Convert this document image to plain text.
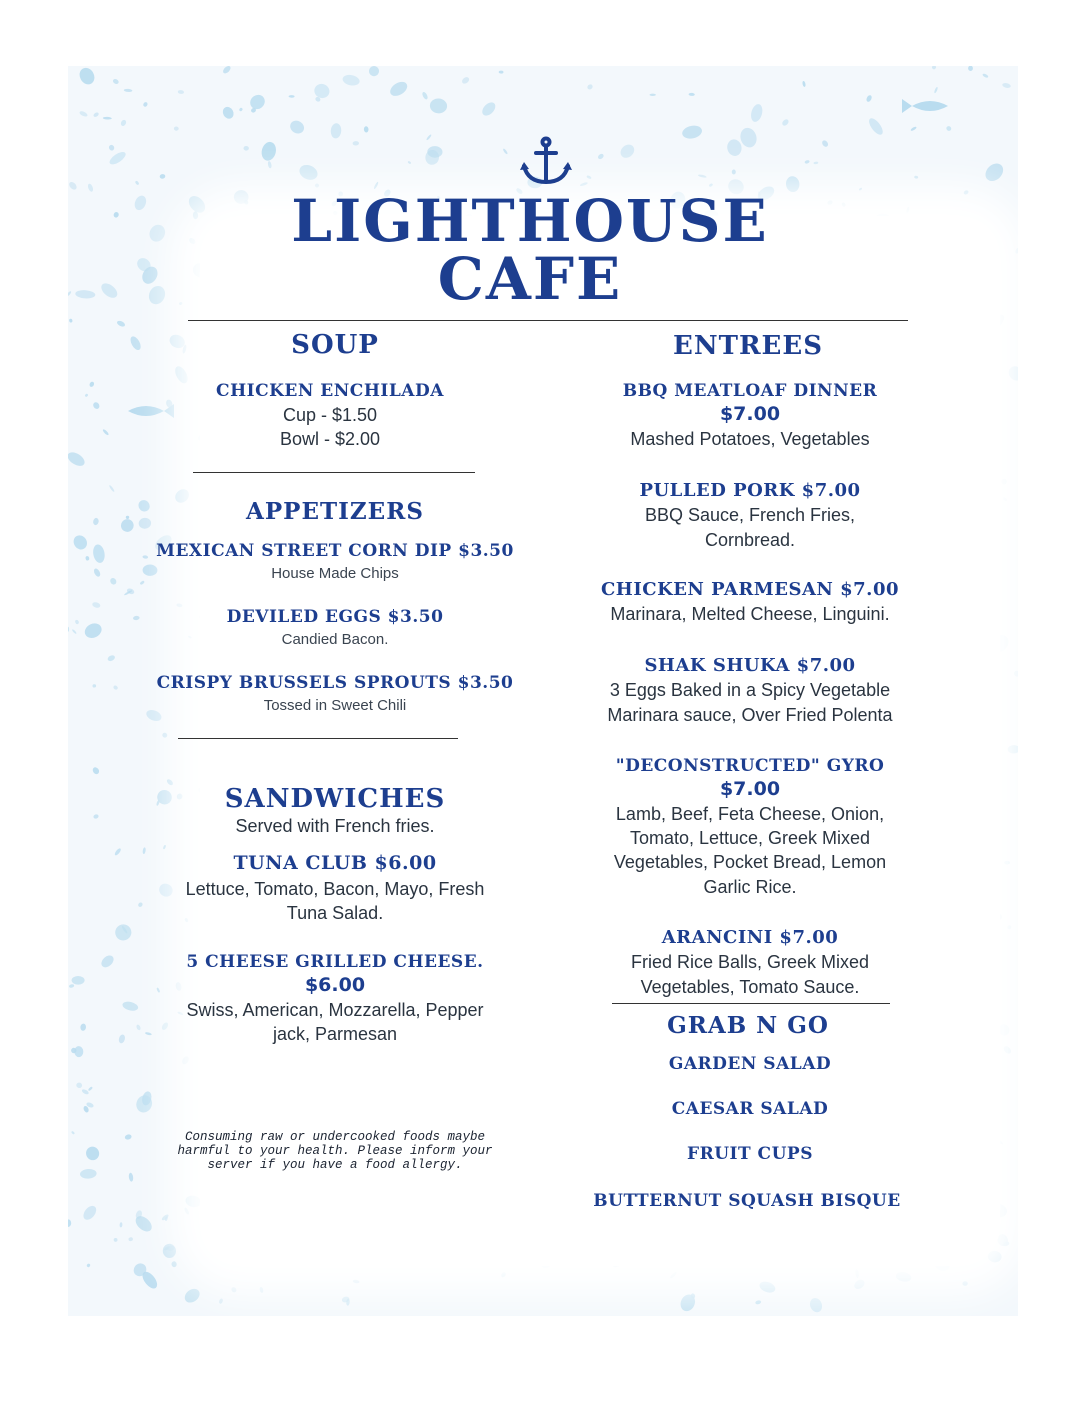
LIGHTHOUSE
CAFE
SOUP

CHICKEN ENCHILADA

Cup - $1.50

Bowl - $2.00

APPETIZERS

MEXICAN STREET CORN DIP $3.50

House Made Chips

DEVILED EGGS $3.50

Candied Bacon.

CRISPY BRUSSELS SPROUTS $3.50

Tossed in Sweet Chili

SANDWICHES
Served with French fries.

TUNA CLUB $6.00

Lettuce, Tomato, Bacon, Mayo, Fresh

Tuna Salad.

5 CHEESE GRILLED CHEESE.

$6.00

Swiss, American, Mozzarella, Pepper

jack, Parmesan

Consuming raw or undercooked foods maybe
harmful to your health. Please inform your
server if you have a food allergy.
ENTREES

BBQ MEATLOAF DINNER

$7.00

Mashed Potatoes, Vegetables

PULLED PORK $7.00

BBQ Sauce, French Fries,

Cornbread.

CHICKEN PARMESAN $7.00

Marinara, Melted Cheese, Linguini.

SHAK SHUKA $7.00

3 Eggs Baked in a Spicy Vegetable

Marinara sauce, Over Fried Polenta

"DECONSTRUCTED" GYRO

$7.00

Lamb, Beef, Feta Cheese, Onion,

Tomato, Lettuce, Greek Mixed

Vegetables, Pocket Bread, Lemon

Garlic Rice.

ARANCINI $7.00

Fried Rice Balls, Greek Mixed

Vegetables, Tomato Sauce.

GRAB N GO
GARDEN SALAD
CAESAR SALAD
FRUIT CUPS
BUTTERNUT SQUASH BISQUE
